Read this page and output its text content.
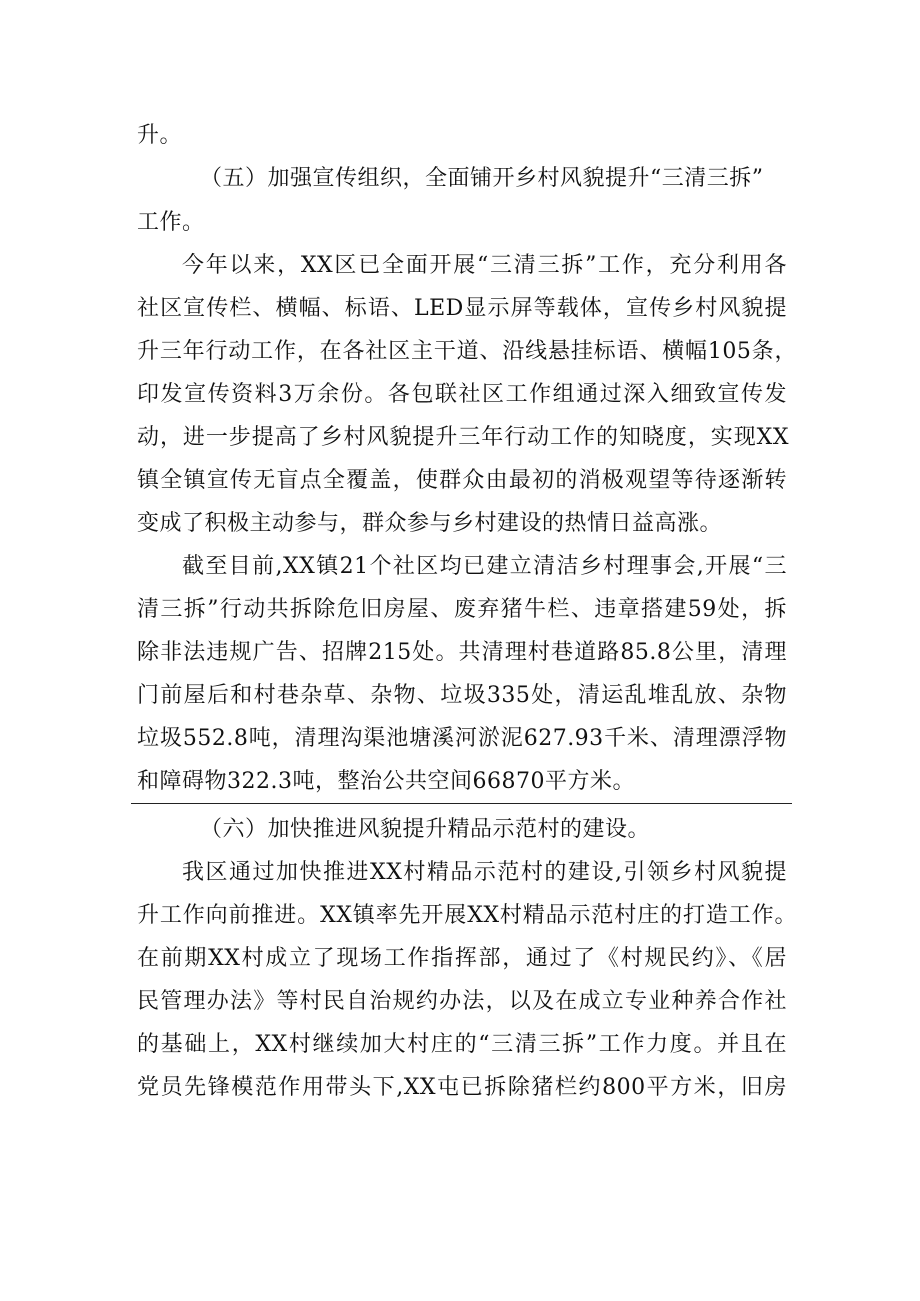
升。
（五）加强宣传组织，全面铺开乡村风貌提升“三清三拆”
工作。
今年以来，XX区已全面开展“三清三拆”工作，充分利用各
社区宣传栏、横幅、标语、LED显示屏等载体，宣传乡村风貌提
升三年行动工作，在各社区主干道、沿线悬挂标语、横幅105条，
印发宣传资料3万余份。各包联社区工作组通过深入细致宣传发
动，进一步提高了乡村风貌提升三年行动工作的知晓度，实现XX
镇全镇宣传无盲点全覆盖，使群众由最初的消极观望等待逐渐转
变成了积极主动参与，群众参与乡村建设的热情日益高涨。
截至目前,XX镇21个社区均已建立清洁乡村理事会,开展“三
清三拆”行动共拆除危旧房屋、废弃猪牛栏、违章搭建59处，拆
除非法违规广告、招牌215处。共清理村巷道路85.8公里，清理
门前屋后和村巷杂草、杂物、垃圾335处，清运乱堆乱放、杂物
垃圾552.8吨，清理沟渠池塘溪河淤泥627.93千米、清理漂浮物
和障碍物322.3吨，整治公共空间66870平方米。
（六）加快推进风貌提升精品示范村的建设。
我区通过加快推进XX村精品示范村的建设,引领乡村风貌提
升工作向前推进。XX镇率先开展XX村精品示范村庄的打造工作。
在前期XX村成立了现场工作指挥部，通过了《村规民约》、《居
民管理办法》等村民自治规约办法，以及在成立专业种养合作社
的基础上，XX村继续加大村庄的“三清三拆”工作力度。并且在
党员先锋模范作用带头下,XX屯已拆除猪栏约800平方米，旧房
